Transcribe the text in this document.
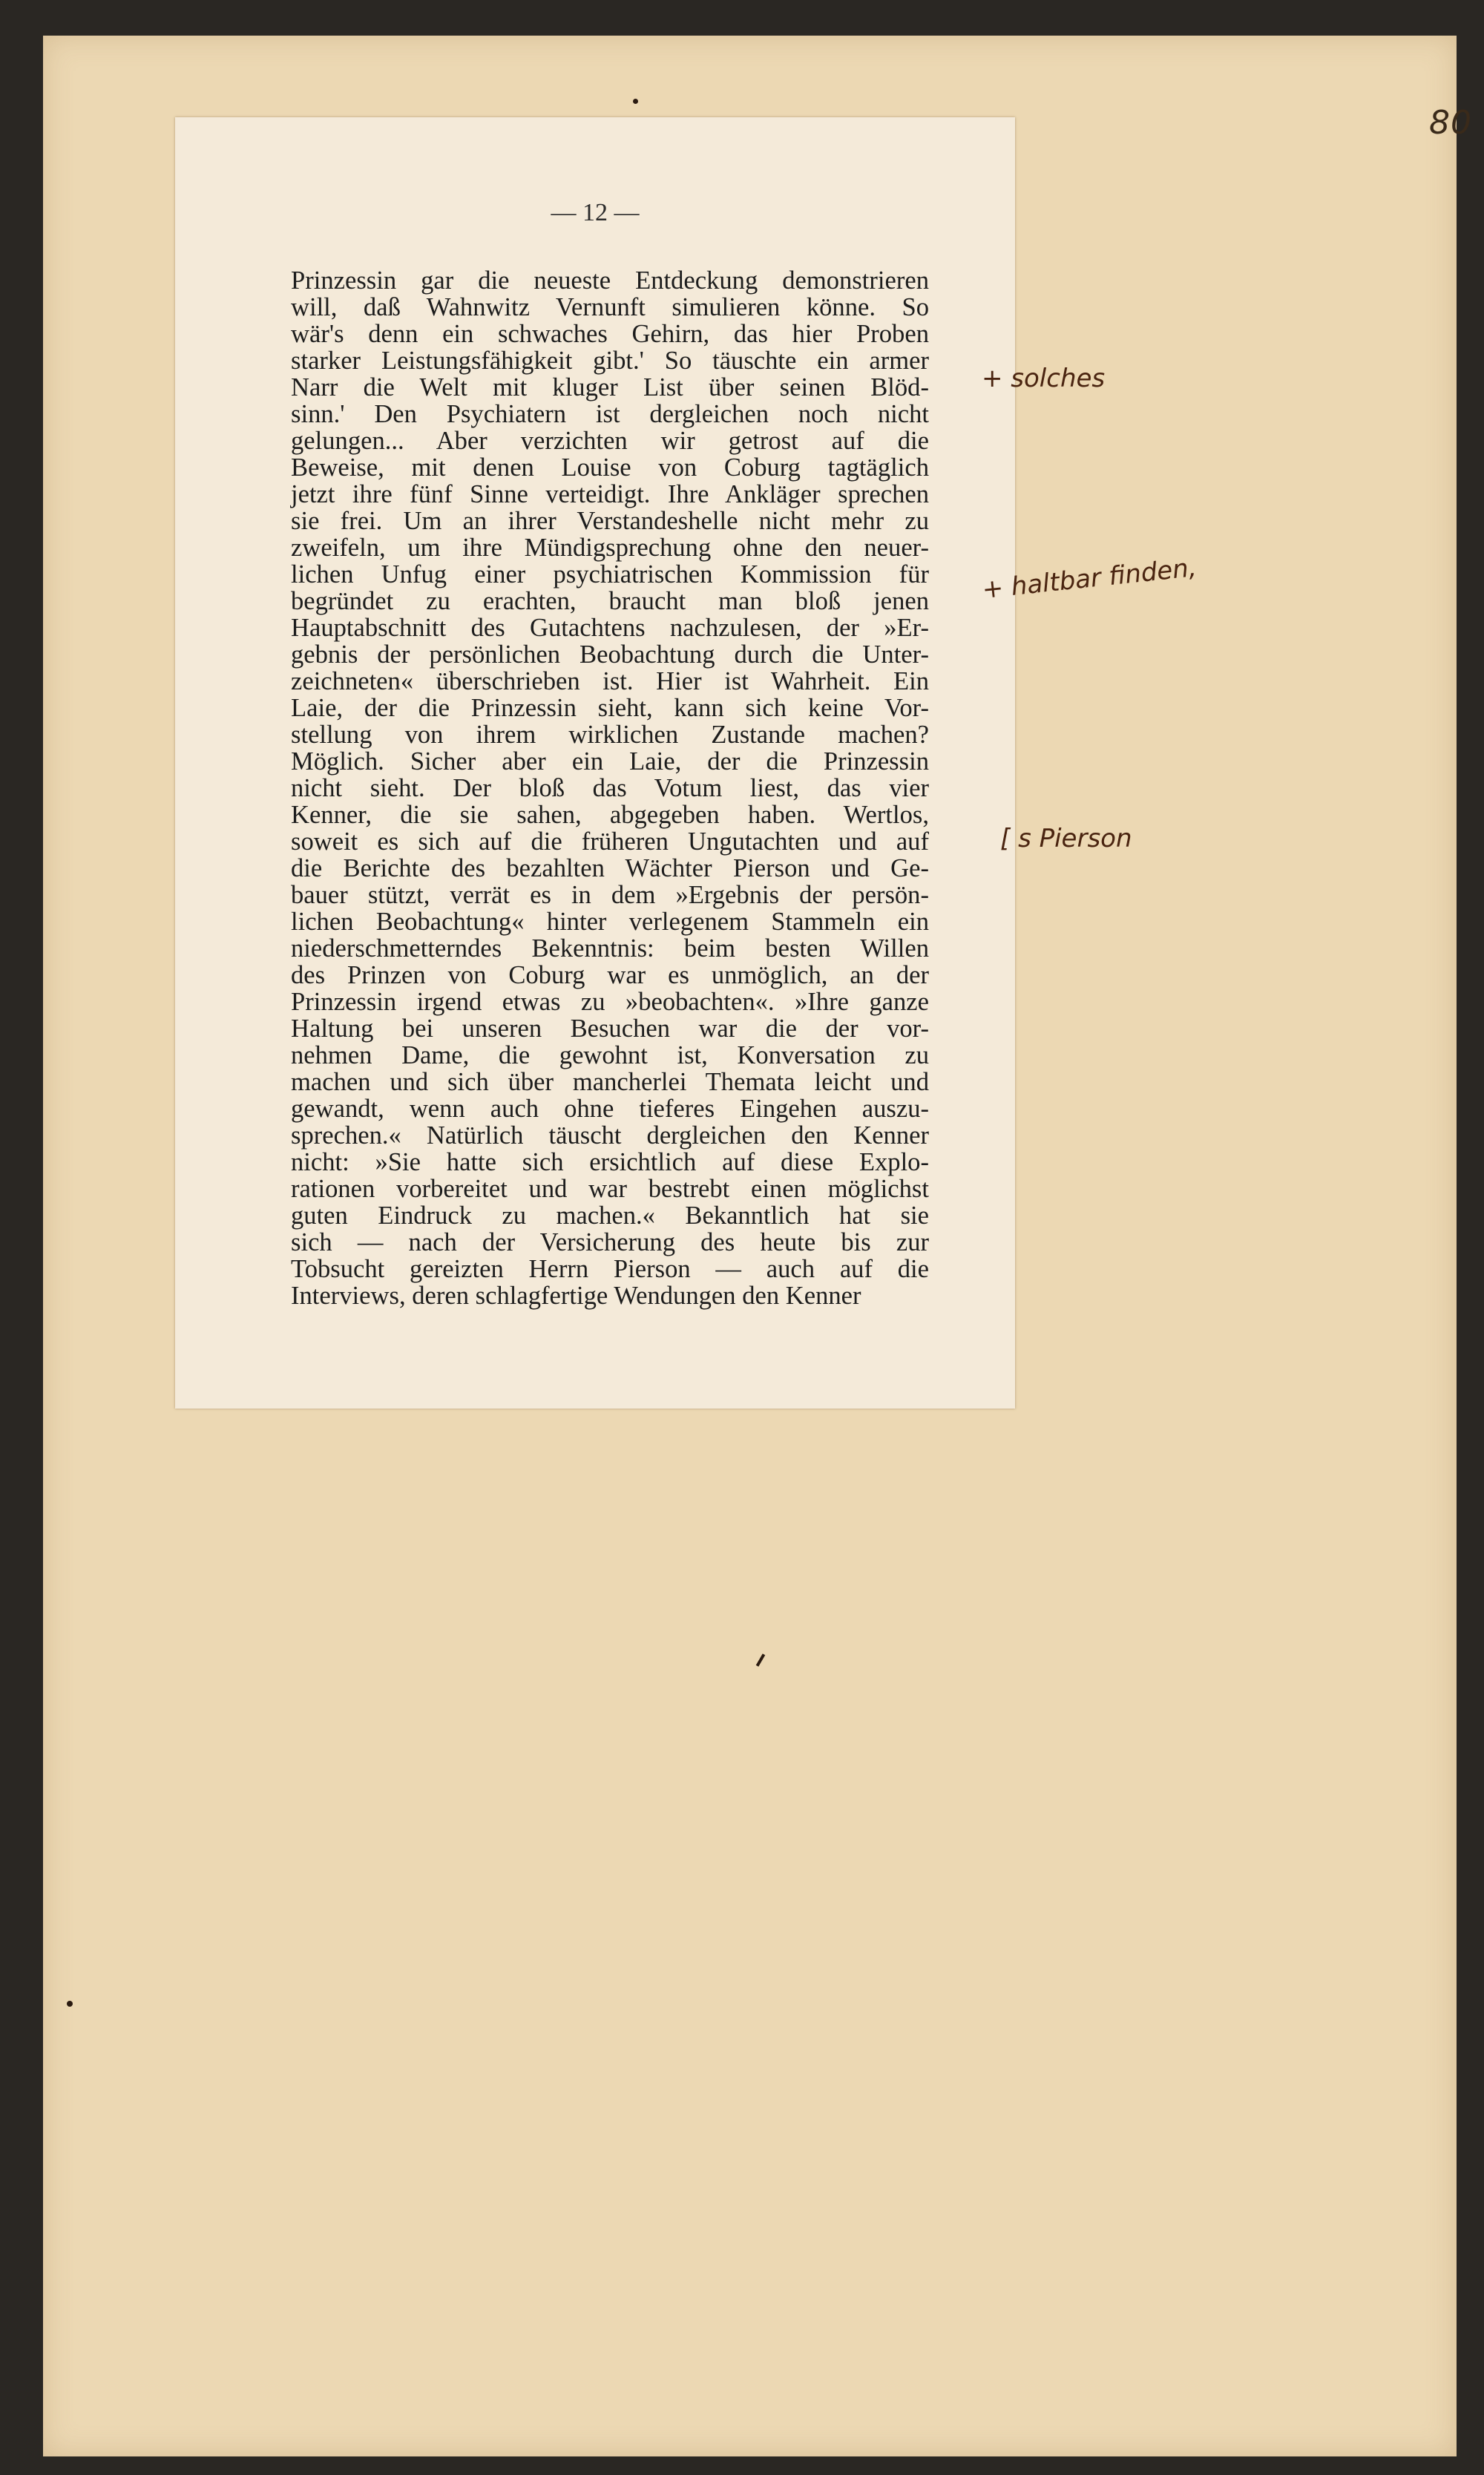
80
— 12 —
Prinzessin gar die neueste Entdeckung demonstrieren
will, daß Wahnwitz Vernunft simulieren könne. So
wär's denn ein schwaches Gehirn, das hier Proben
starker Leistungsfähigkeit gibt.' So täuschte ein armer
Narr die Welt mit kluger List über seinen Blöd-
sinn.' Den Psychiatern ist dergleichen noch nicht
gelungen... Aber verzichten wir getrost auf die
Beweise, mit denen Louise von Coburg tagtäglich
jetzt ihre fünf Sinne verteidigt. Ihre Ankläger sprechen
sie frei. Um an ihrer Verstandeshelle nicht mehr zu
zweifeln, um ihre Mündigsprechung ohne den neuer-
lichen Unfug einer psychiatrischen Kommission für
begründet zu erachten, braucht man bloß jenen
Hauptabschnitt des Gutachtens nachzulesen, der »Er-
gebnis der persönlichen Beobachtung durch die Unter-
zeichneten« überschrieben ist. Hier ist Wahrheit. Ein
Laie, der die Prinzessin sieht, kann sich keine Vor-
stellung von ihrem wirklichen Zustande machen?
Möglich. Sicher aber ein Laie, der die Prinzessin
nicht sieht. Der bloß das Votum liest, das vier
Kenner, die sie sahen, abgegeben haben. Wertlos,
soweit es sich auf die früheren Ungutachten und auf
die Berichte des bezahlten Wächter Pierson und Ge-
bauer stützt, verrät es in dem »Ergebnis der persön-
lichen Beobachtung« hinter verlegenem Stammeln ein
niederschmetterndes Bekenntnis: beim besten Willen
des Prinzen von Coburg war es unmöglich, an der
Prinzessin irgend etwas zu »beobachten«. »Ihre ganze
Haltung bei unseren Besuchen war die der vor-
nehmen Dame, die gewohnt ist, Konversation zu
machen und sich über mancherlei Themata leicht und
gewandt, wenn auch ohne tieferes Eingehen auszu-
sprechen.« Natürlich täuscht dergleichen den Kenner
nicht: »Sie hatte sich ersichtlich auf diese Explo-
rationen vorbereitet und war bestrebt einen möglichst
guten Eindruck zu machen.« Bekanntlich hat sie
sich — nach der Versicherung des heute bis zur
Tobsucht gereizten Herrn Pierson — auch auf die
Interviews, deren schlagfertige Wendungen den Kenner
+ solches
+ haltbar finden,
[ s Pierson
